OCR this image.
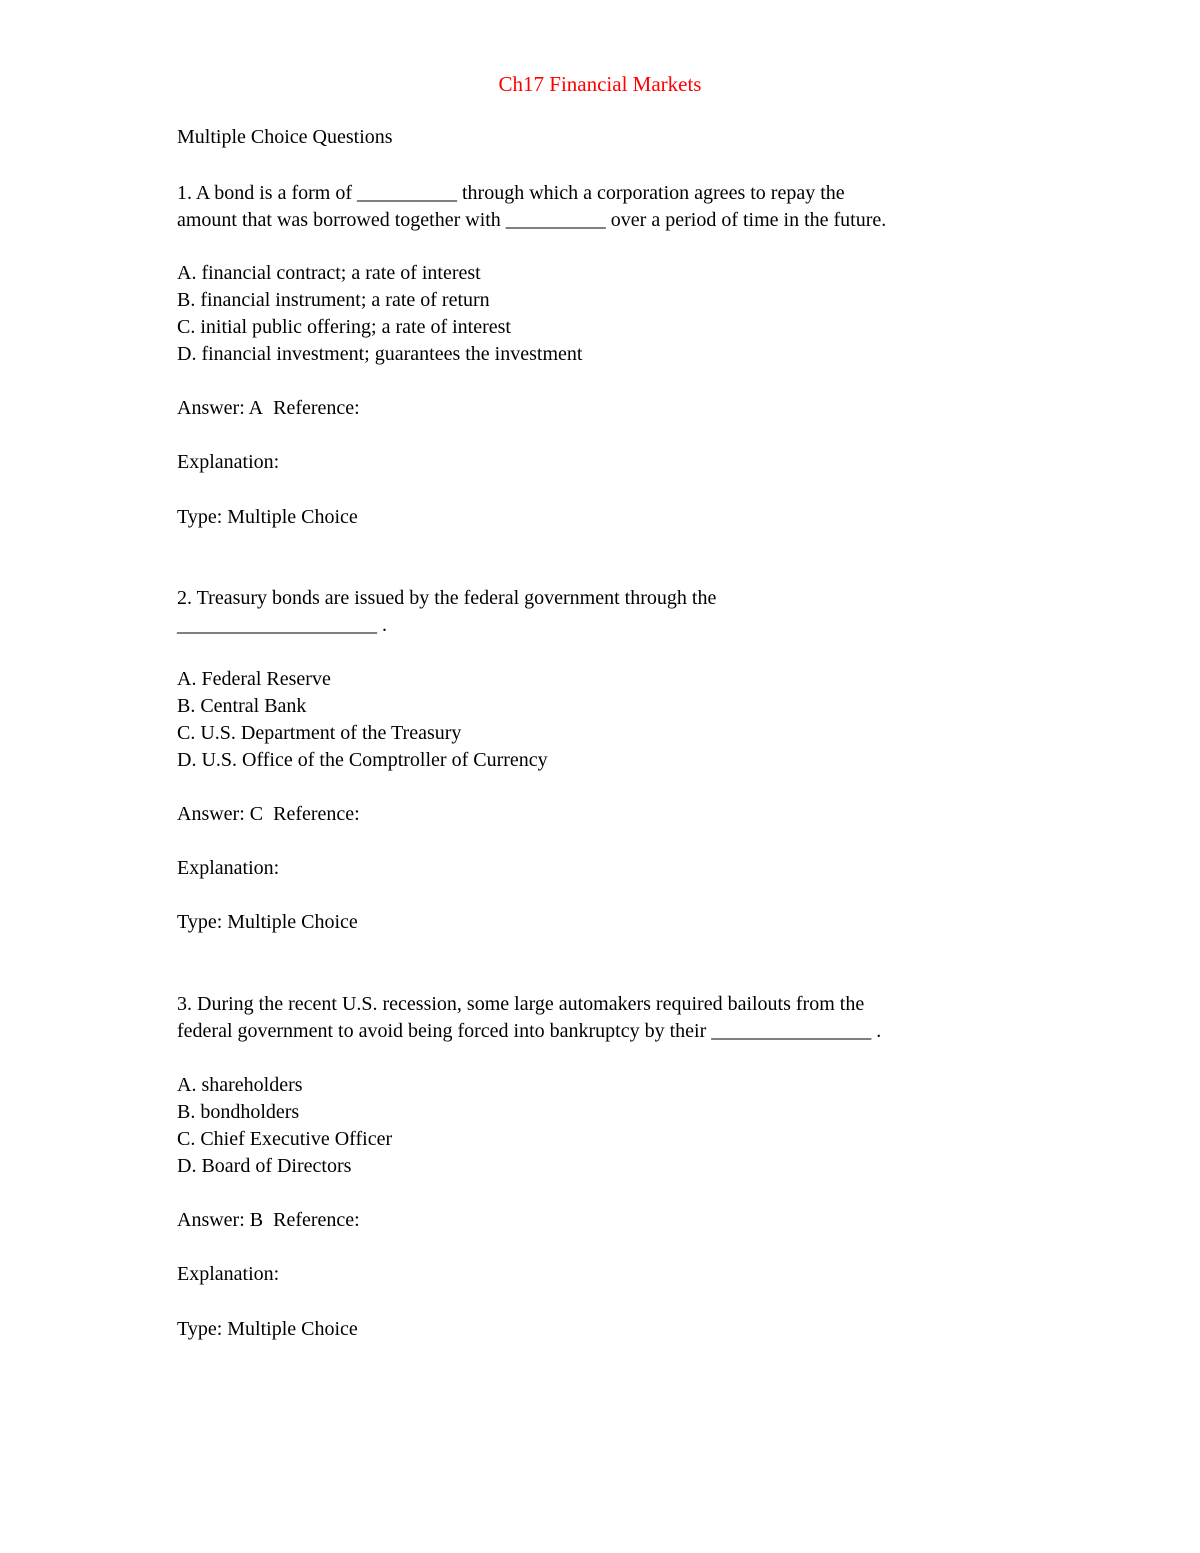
Ch17 Financial Markets
Multiple Choice Questions
1. A bond is a form of __________ through which a corporation agrees to repay the
amount that was borrowed together with __________ over a period of time in the future.
A. financial contract; a rate of interest
B. financial instrument; a rate of return
C. initial public offering; a rate of interest
D. financial investment; guarantees the investment
Answer: A Reference:
Explanation:
Type: Multiple Choice
2. Treasury bonds are issued by the federal government through the
____________________ .
A. Federal Reserve
B. Central Bank
C. U.S. Department of the Treasury
D. U.S. Office of the Comptroller of Currency
Answer: C Reference:
Explanation:
Type: Multiple Choice
3. During the recent U.S. recession, some large automakers required bailouts from the
federal government to avoid being forced into bankruptcy by their ________________ .
A. shareholders
B. bondholders
C. Chief Executive Officer
D. Board of Directors
Answer: B Reference:
Explanation:
Type: Multiple Choice
